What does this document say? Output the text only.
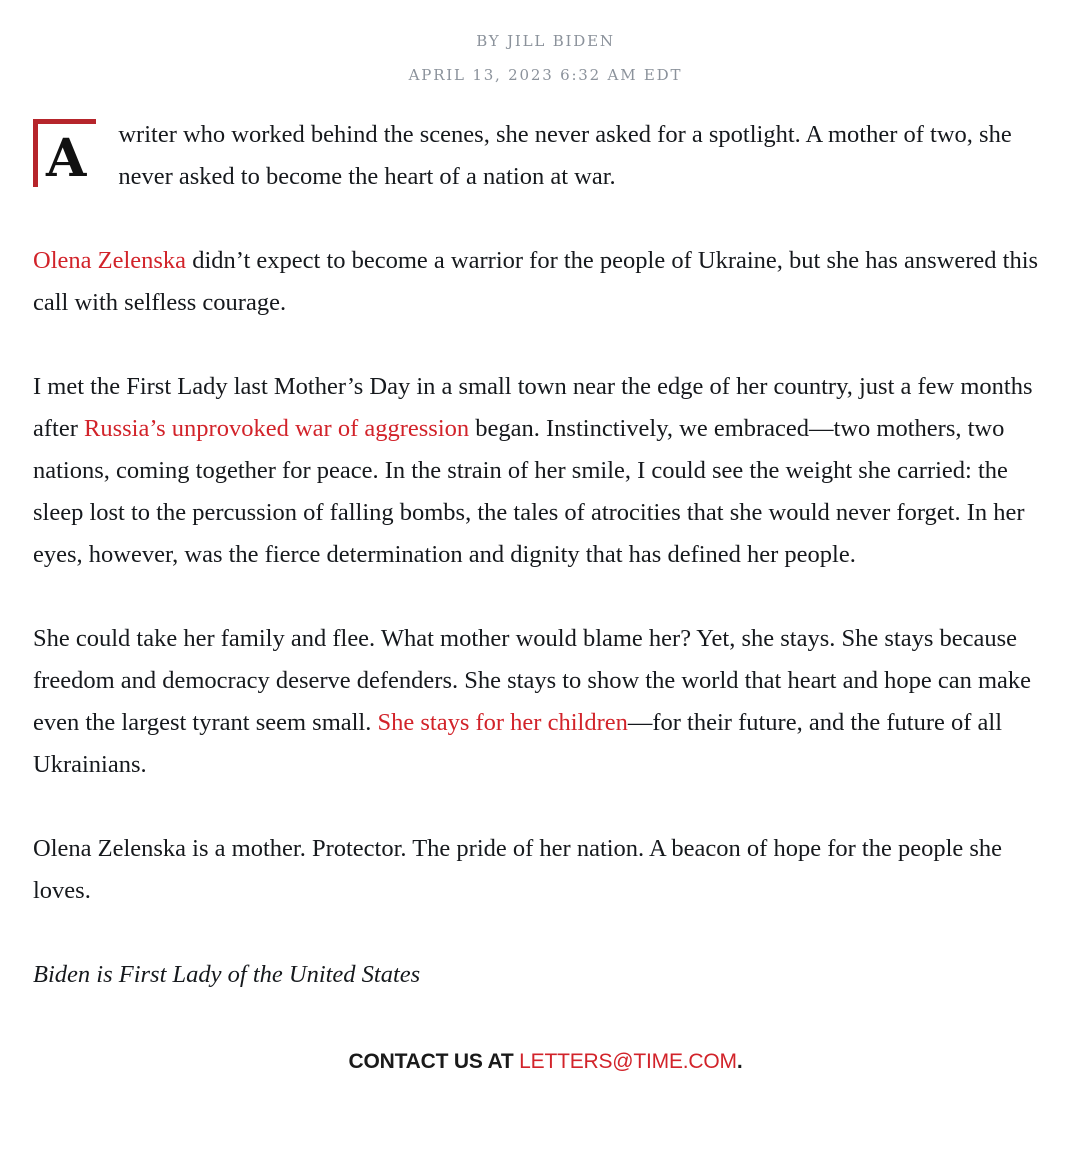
BY JILL BIDEN
APRIL 13, 2023 6:32 AM EDT

A	writer who worked behind the scenes, she never asked for a spotlight. A mother of two, she never asked to become the heart of a nation at war.

Olena Zelenska didn’t expect to become a warrior for the people of Ukraine, but she has answered this call with selfless courage.

I met the First Lady last Mother’s Day in a small town near the edge of her country, just a few months after Russia’s unprovoked war of aggression began. Instinctively, we embraced—two mothers, two nations, coming together for peace. In the strain of her smile, I could see the weight she carried: the sleep lost to the percussion of falling bombs, the tales of atrocities that she would never forget. In her eyes, however, was the fierce determination and dignity that has defined her people.

She could take her family and flee. What mother would blame her? Yet, she stays. She stays because freedom and democracy deserve defenders. She stays to show the world that heart and hope can make even the largest tyrant seem small. She stays for her children—for their future, and the future of all Ukrainians.

Olena Zelenska is a mother. Protector. The pride of her nation. A beacon of hope for the people she loves.

Biden is First Lady of the United States

CONTACT US AT LETTERS@TIME.COM.
